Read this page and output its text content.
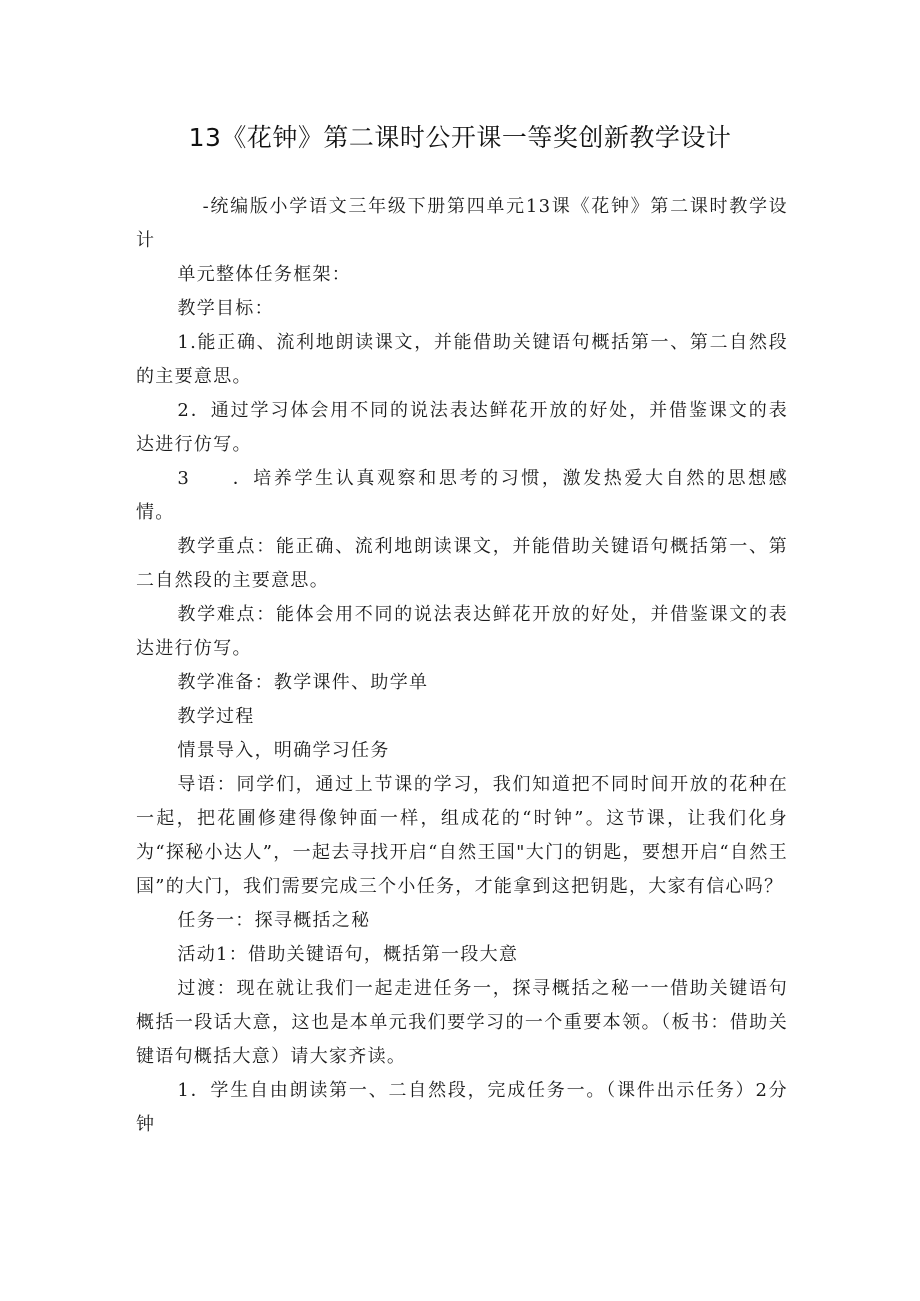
13《花钟》第二课时公开课一等奖创新教学设计

-统编版小学语文三年级下册第四单元13课《花钟》第二课时教学设计

单元整体任务框架：

教学目标：

1.能正确、流利地朗读课文，并能借助关键语句概括第一、第二自然段的主要意思。

2．通过学习体会用不同的说法表达鲜花开放的好处，并借鉴课文的表达进行仿写。

3　　．培养学生认真观察和思考的习惯，激发热爱大自然的思想感情。

教学重点：能正确、流利地朗读课文，并能借助关键语句概括第一、第二自然段的主要意思。

教学难点：能体会用不同的说法表达鲜花开放的好处，并借鉴课文的表达进行仿写。

教学准备：教学课件、助学单

教学过程

情景导入，明确学习任务

导语：同学们，通过上节课的学习，我们知道把不同时间开放的花种在一起，把花圃修建得像钟面一样，组成花的“时钟”。这节课，让我们化身为“探秘小达人”，一起去寻找开启“自然王国"大门的钥匙，要想开启“自然王国”的大门，我们需要完成三个小任务，才能拿到这把钥匙，大家有信心吗？

任务一：探寻概括之秘

活动1：借助关键语句，概括第一段大意

过渡：现在就让我们一起走进任务一，探寻概括之秘一一借助关键语句概括一段话大意，这也是本单元我们要学习的一个重要本领。（板书：借助关键语句概括大意）请大家齐读。

1．学生自由朗读第一、二自然段，完成任务一。（课件出示任务）2分钟
